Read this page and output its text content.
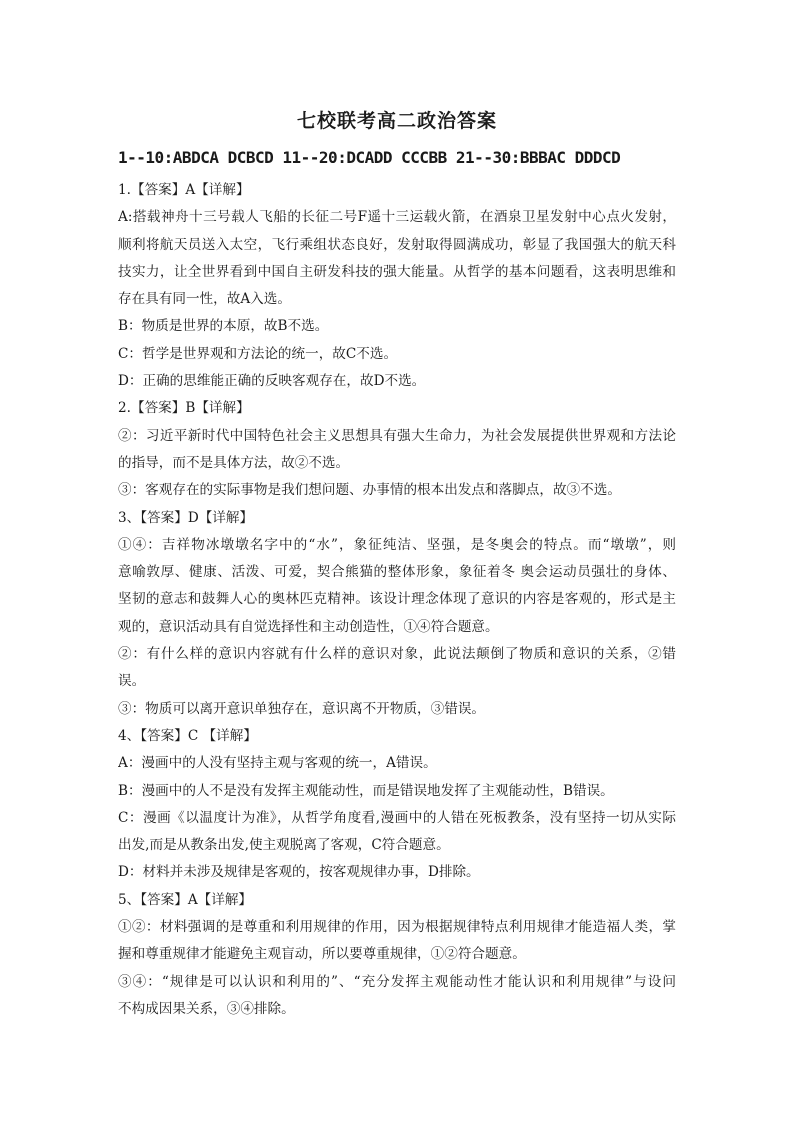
七校联考高二政治答案
1--10:ABDCA DCBCD 11--20:DCADD CCCBB 21--30:BBBAC DDDCD
1.【答案】A【详解】
A:搭载神舟十三号载人飞船的长征二号F遥十三运载火箭，在酒泉卫星发射中心点火发射，
顺利将航天员送入太空，飞行乘组状态良好，发射取得圆满成功，彰显了我国强大的航天科
技实力，让全世界看到中国自主研发科技的强大能量。从哲学的基本问题看，这表明思维和
存在具有同一性，故A入选。
B：物质是世界的本原，故B不选。
C：哲学是世界观和方法论的统一，故C不选。
D：正确的思维能正确的反映客观存在，故D不选。
2.【答案】B【详解】
②：习近平新时代中国特色社会主义思想具有强大生命力，为社会发展提供世界观和方法论
的指导，而不是具体方法，故②不选。
③：客观存在的实际事物是我们想问题、办事情的根本出发点和落脚点，故③不选。
3、【答案】D【详解】
①④：吉祥物冰墩墩名字中的“水”，象征纯洁、坚强，是冬奥会的特点。而“墩墩”，则
意喻敦厚、健康、活泼、可爱，契合熊猫的整体形象，象征着冬 奥会运动员强壮的身体、
坚韧的意志和鼓舞人心的奥林匹克精神。该设计理念体现了意识的内容是客观的，形式是主
观的，意识活动具有自觉选择性和主动创造性，①④符合题意。
②：有什么样的意识内容就有什么样的意识对象，此说法颠倒了物质和意识的关系，②错
误。
③：物质可以离开意识单独存在，意识离不开物质，③错误。
4、【答案】C 【详解】
A：漫画中的人没有坚持主观与客观的统一，A错误。
B：漫画中的人不是没有发挥主观能动性，而是错误地发挥了主观能动性，B错误。
C：漫画《以温度计为准》，从哲学角度看,漫画中的人错在死板教条，没有坚持一切从实际
出发,而是从教条出发,使主观脱离了客观，C符合题意。
D：材料并未涉及规律是客观的，按客观规律办事，D排除。
5、【答案】A【详解】
①②：材料强调的是尊重和利用规律的作用，因为根据规律特点利用规律才能造福人类，掌
握和尊重规律才能避免主观盲动，所以要尊重规律，①②符合题意。
③④：“规律是可以认识和利用的”、“充分发挥主观能动性才能认识和利用规律”与设问
不构成因果关系，③④排除。
